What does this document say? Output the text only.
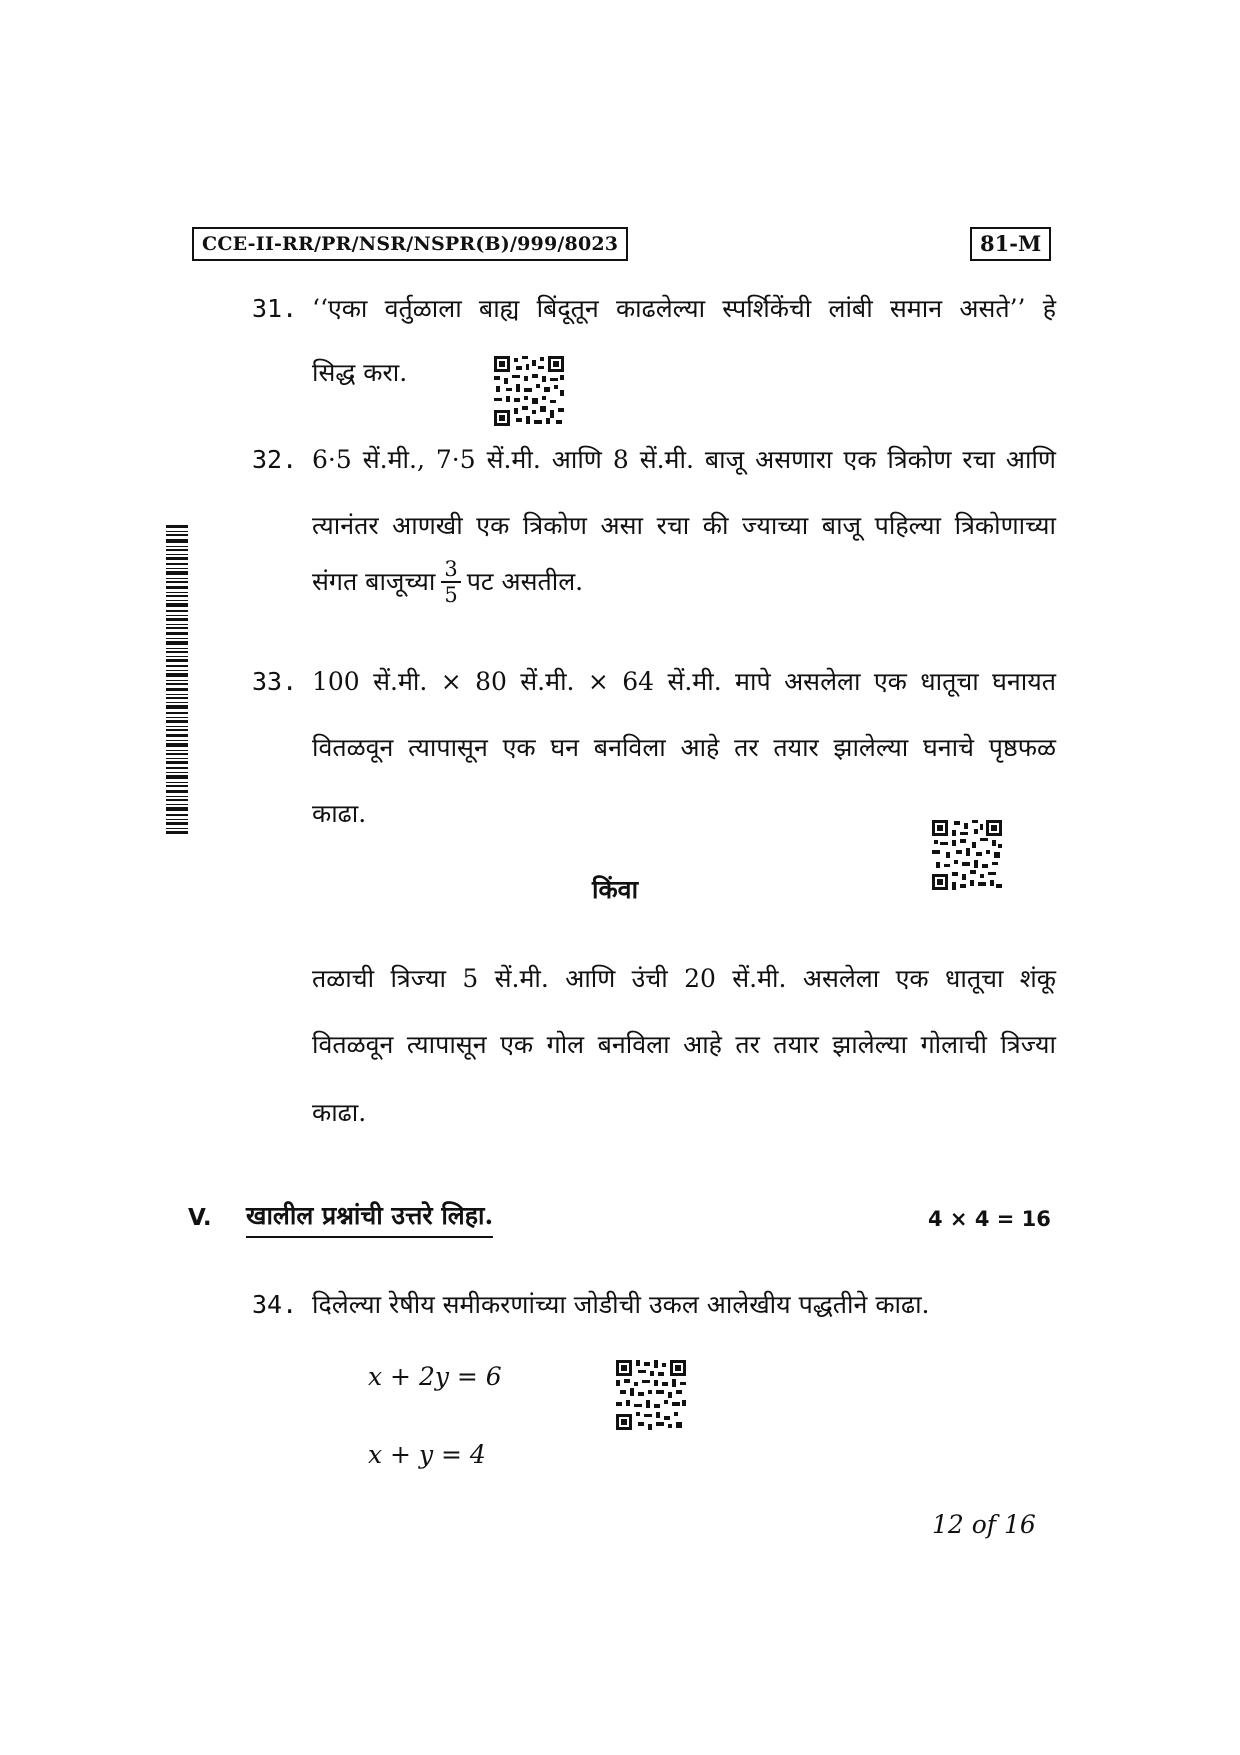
CCE-II-RR/PR/NSR/NSPR(B)/999/8023	81-M
31. ‘‘एका वर्तुळाला बाह्य बिंदूतून काढलेल्या स्पर्शिकेंची लांबी समान असते’’ हे
सिद्ध करा.
32. 6·5 सें.मी., 7·5 सें.मी. आणि 8 सें.मी. बाजू असणारा एक त्रिकोण रचा आणि
त्यानंतर आणखी एक त्रिकोण असा रचा की ज्याच्या बाजू पहिल्या त्रिकोणाच्या
संगत बाजूच्या $\frac{3}{5}$ पट असतील.
33. 100 सें.मी. × 80 सें.मी. × 64 सें.मी. मापे असलेला एक धातूचा घनायत
वितळवून त्यापासून एक घन बनविला आहे तर तयार झालेल्या घनाचे पृष्ठफळ
काढा.
किंवा
तळाची त्रिज्या 5 सें.मी. आणि उंची 20 सें.मी. असलेला एक धातूचा शंकू
वितळवून त्यापासून एक गोल बनविला आहे तर तयार झालेल्या गोलाची त्रिज्या
काढा.
V. खालील प्रश्नांची उत्तरे लिहा.	4 × 4 = 16
34. दिलेल्या रेषीय समीकरणांच्या जोडीची उकल आलेखीय पद्धतीने काढा.
x + 2y = 6
x + y = 4
12 of 16
